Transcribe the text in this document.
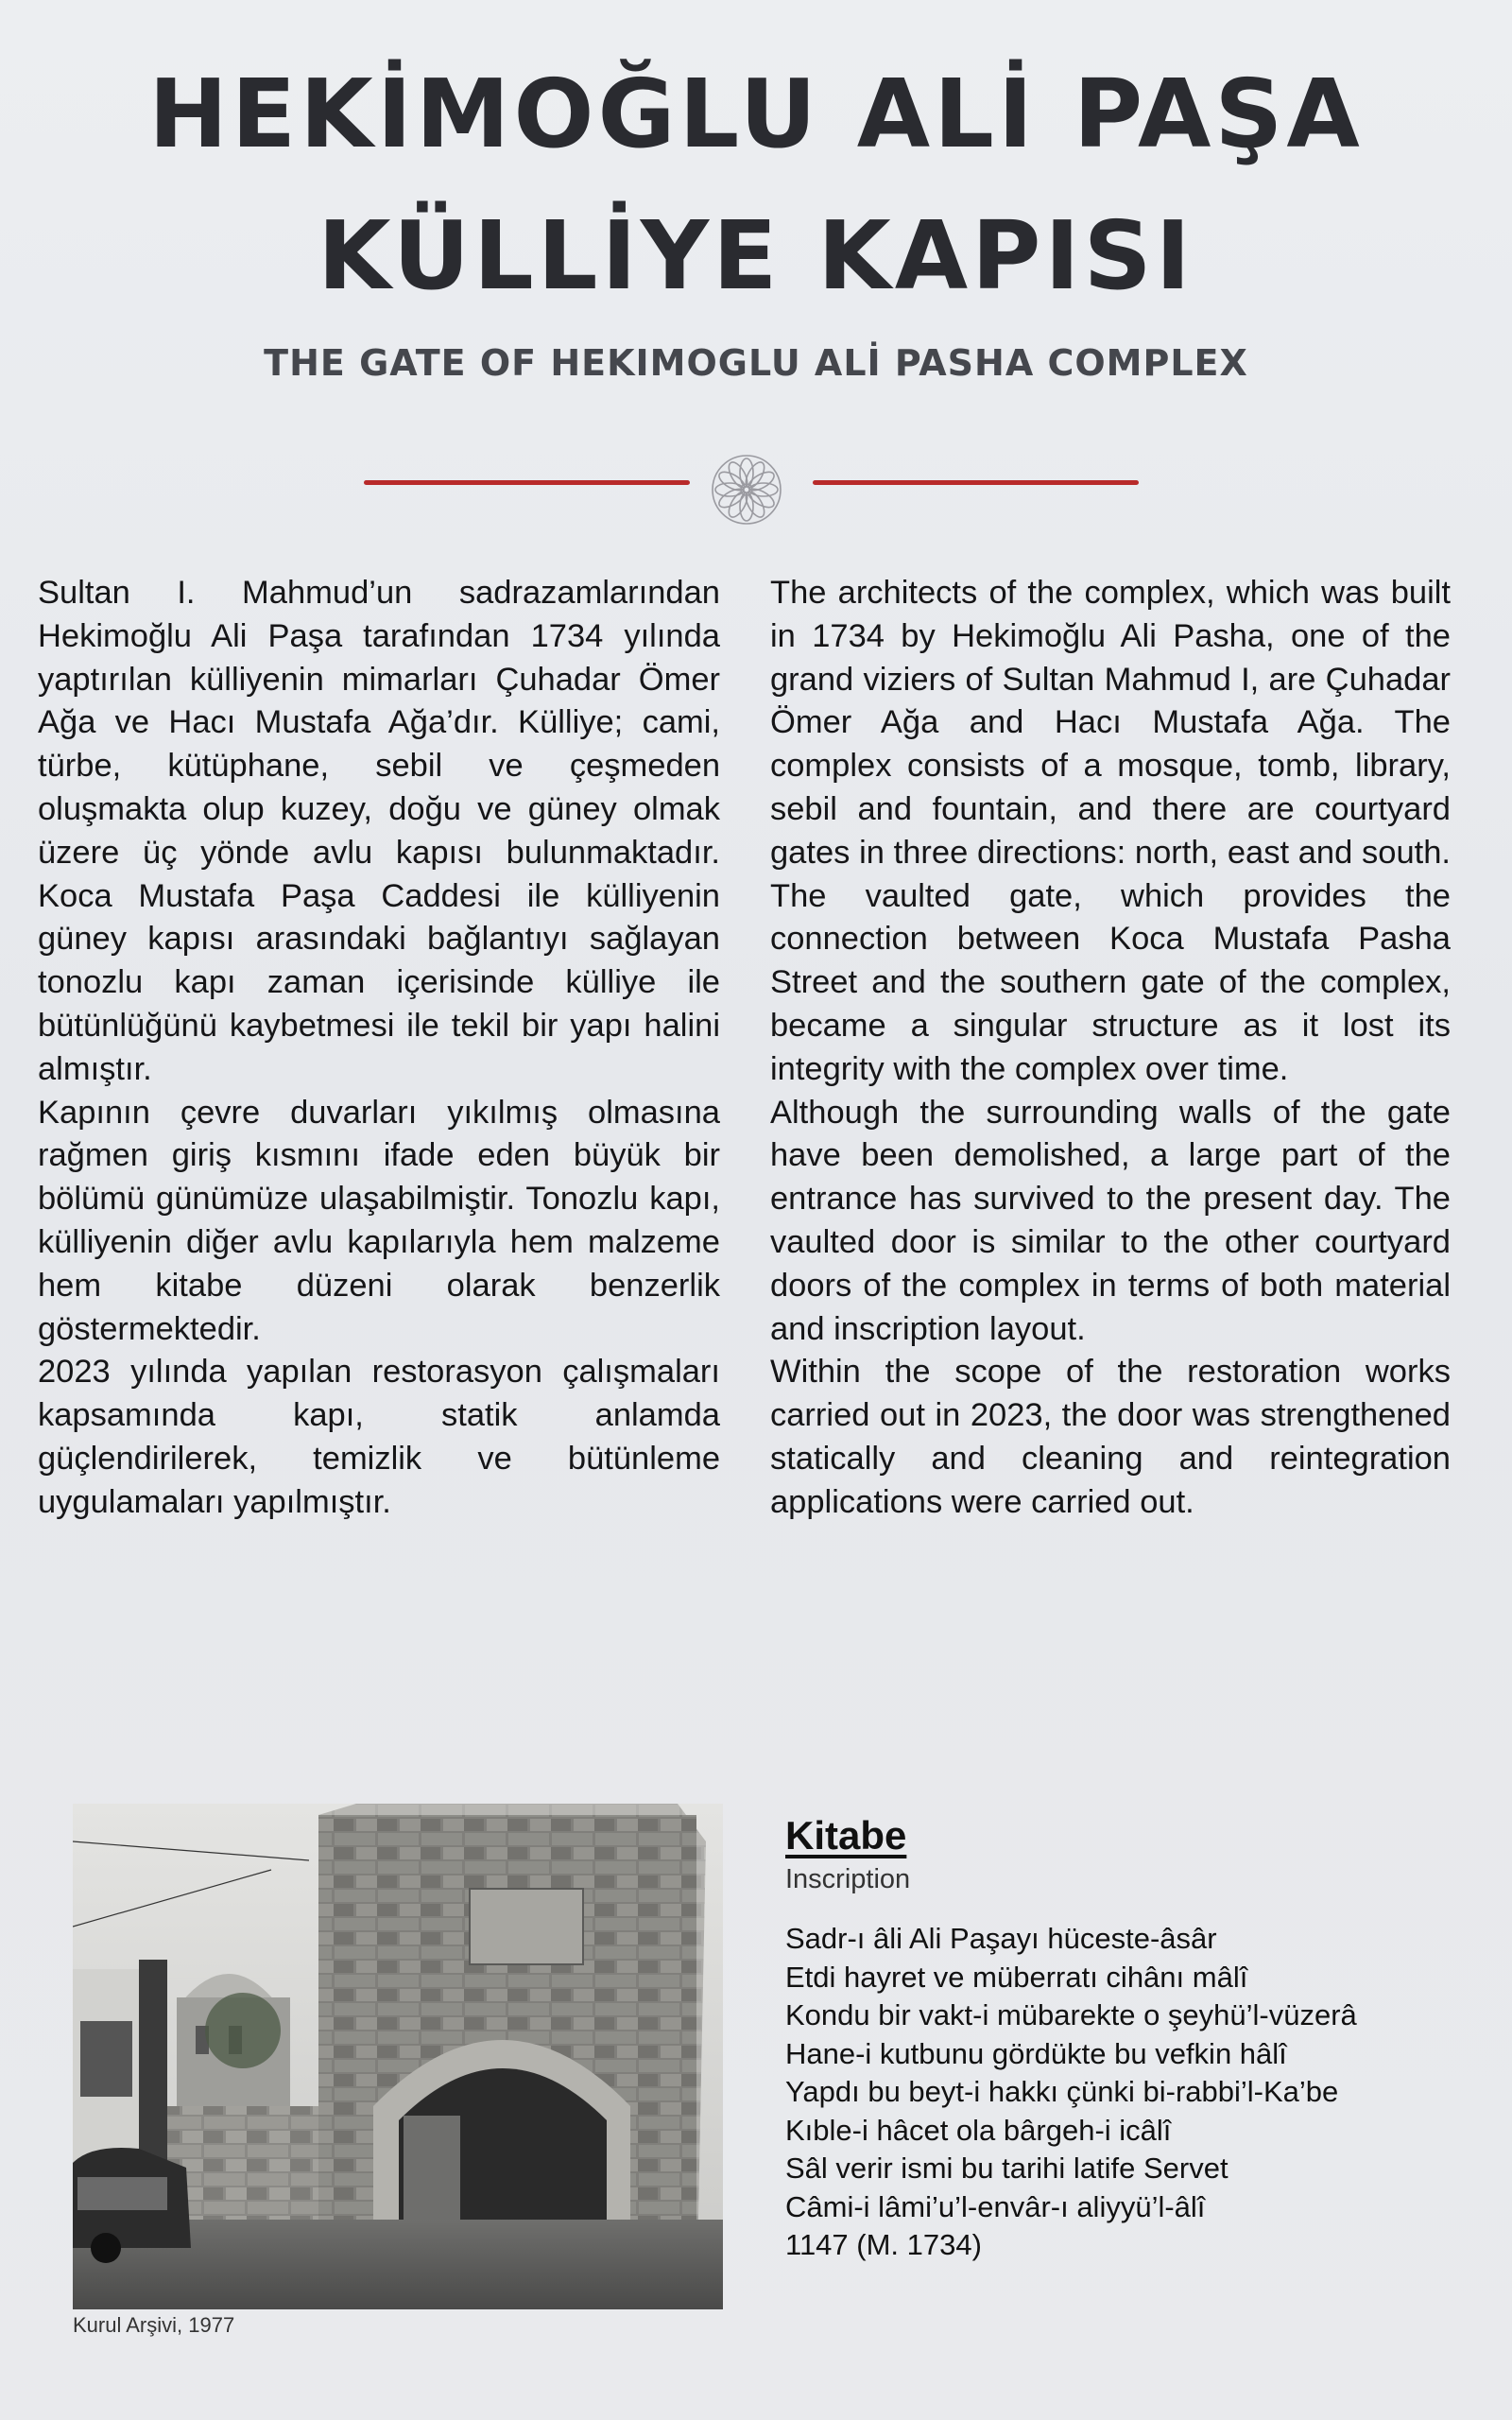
HEKİMOĞLU ALİ PAŞA
KÜLLİYE KAPISI
THE GATE OF HEKIMOGLU ALİ PASHA COMPLEX

Sultan I. Mahmud’un sadrazamlarından Hekimoğlu Ali Paşa tarafından 1734 yılında yaptırılan külliyenin mimarları Çuhadar Ömer Ağa ve Hacı Mustafa Ağa’dır. Külliye; cami, türbe, kütüphane, sebil ve çeşmeden oluşmakta olup kuzey, doğu ve güney olmak üzere üç yönde avlu kapısı bulunmaktadır. Koca Mustafa Paşa Caddesi ile külliyenin güney kapısı arasındaki bağlantıyı sağlayan tonozlu kapı zaman içerisinde külliye ile bütünlüğünü kaybetmesi ile tekil bir yapı halini almıştır.

Kapının çevre duvarları yıkılmış olmasına rağmen giriş kısmını ifade eden büyük bir bölümü günümüze ulaşabilmiştir. Tonozlu kapı, külliyenin diğer avlu kapılarıyla hem malzeme hem kitabe düzeni olarak benzerlik göstermektedir.

2023 yılında yapılan restorasyon çalışmaları kapsamında kapı, statik anlamda güçlendirilerek, temizlik ve bütünleme uygulamaları yapılmıştır.

The architects of the complex, which was built in 1734 by Hekimoğlu Ali Pasha, one of the grand viziers of Sultan Mahmud I, are Çuhadar Ömer Ağa and Hacı Mustafa Ağa. The complex consists of a mosque, tomb, library, sebil and fountain, and there are courtyard gates in three directions: north, east and south. The vaulted gate, which provides the connection between Koca Mustafa Pasha Street and the southern gate of the complex, became a singular structure as it lost its integrity with the complex over time.

Although the surrounding walls of the gate have been demolished, a large part of the entrance has survived to the present day. The vaulted door is similar to the other courtyard doors of the complex in terms of both material and inscription layout.

Within the scope of the restoration works carried out in 2023, the door was strengthened statically and cleaning and reintegration applications were carried out.

Kurul Arşivi, 1977
Kitabe
Inscription
Sadr-ı âli Ali Paşayı hüceste-âsâr
Etdi hayret ve müberratı cihânı mâlî
Kondu bir vakt-i mübarekte o şeyhü’l-vüzerâ
Hane-i kutbunu gördükte bu vefkin hâlî
Yapdı bu beyt-i hakkı çünki bi-rabbi’l-Ka’be
Kıble-i hâcet ola bârgeh-i icâlî
Sâl verir ismi bu tarihi latife Servet
Câmi-i lâmi’u’l-envâr-ı aliyyü’l-âlî
1147 (M. 1734)
